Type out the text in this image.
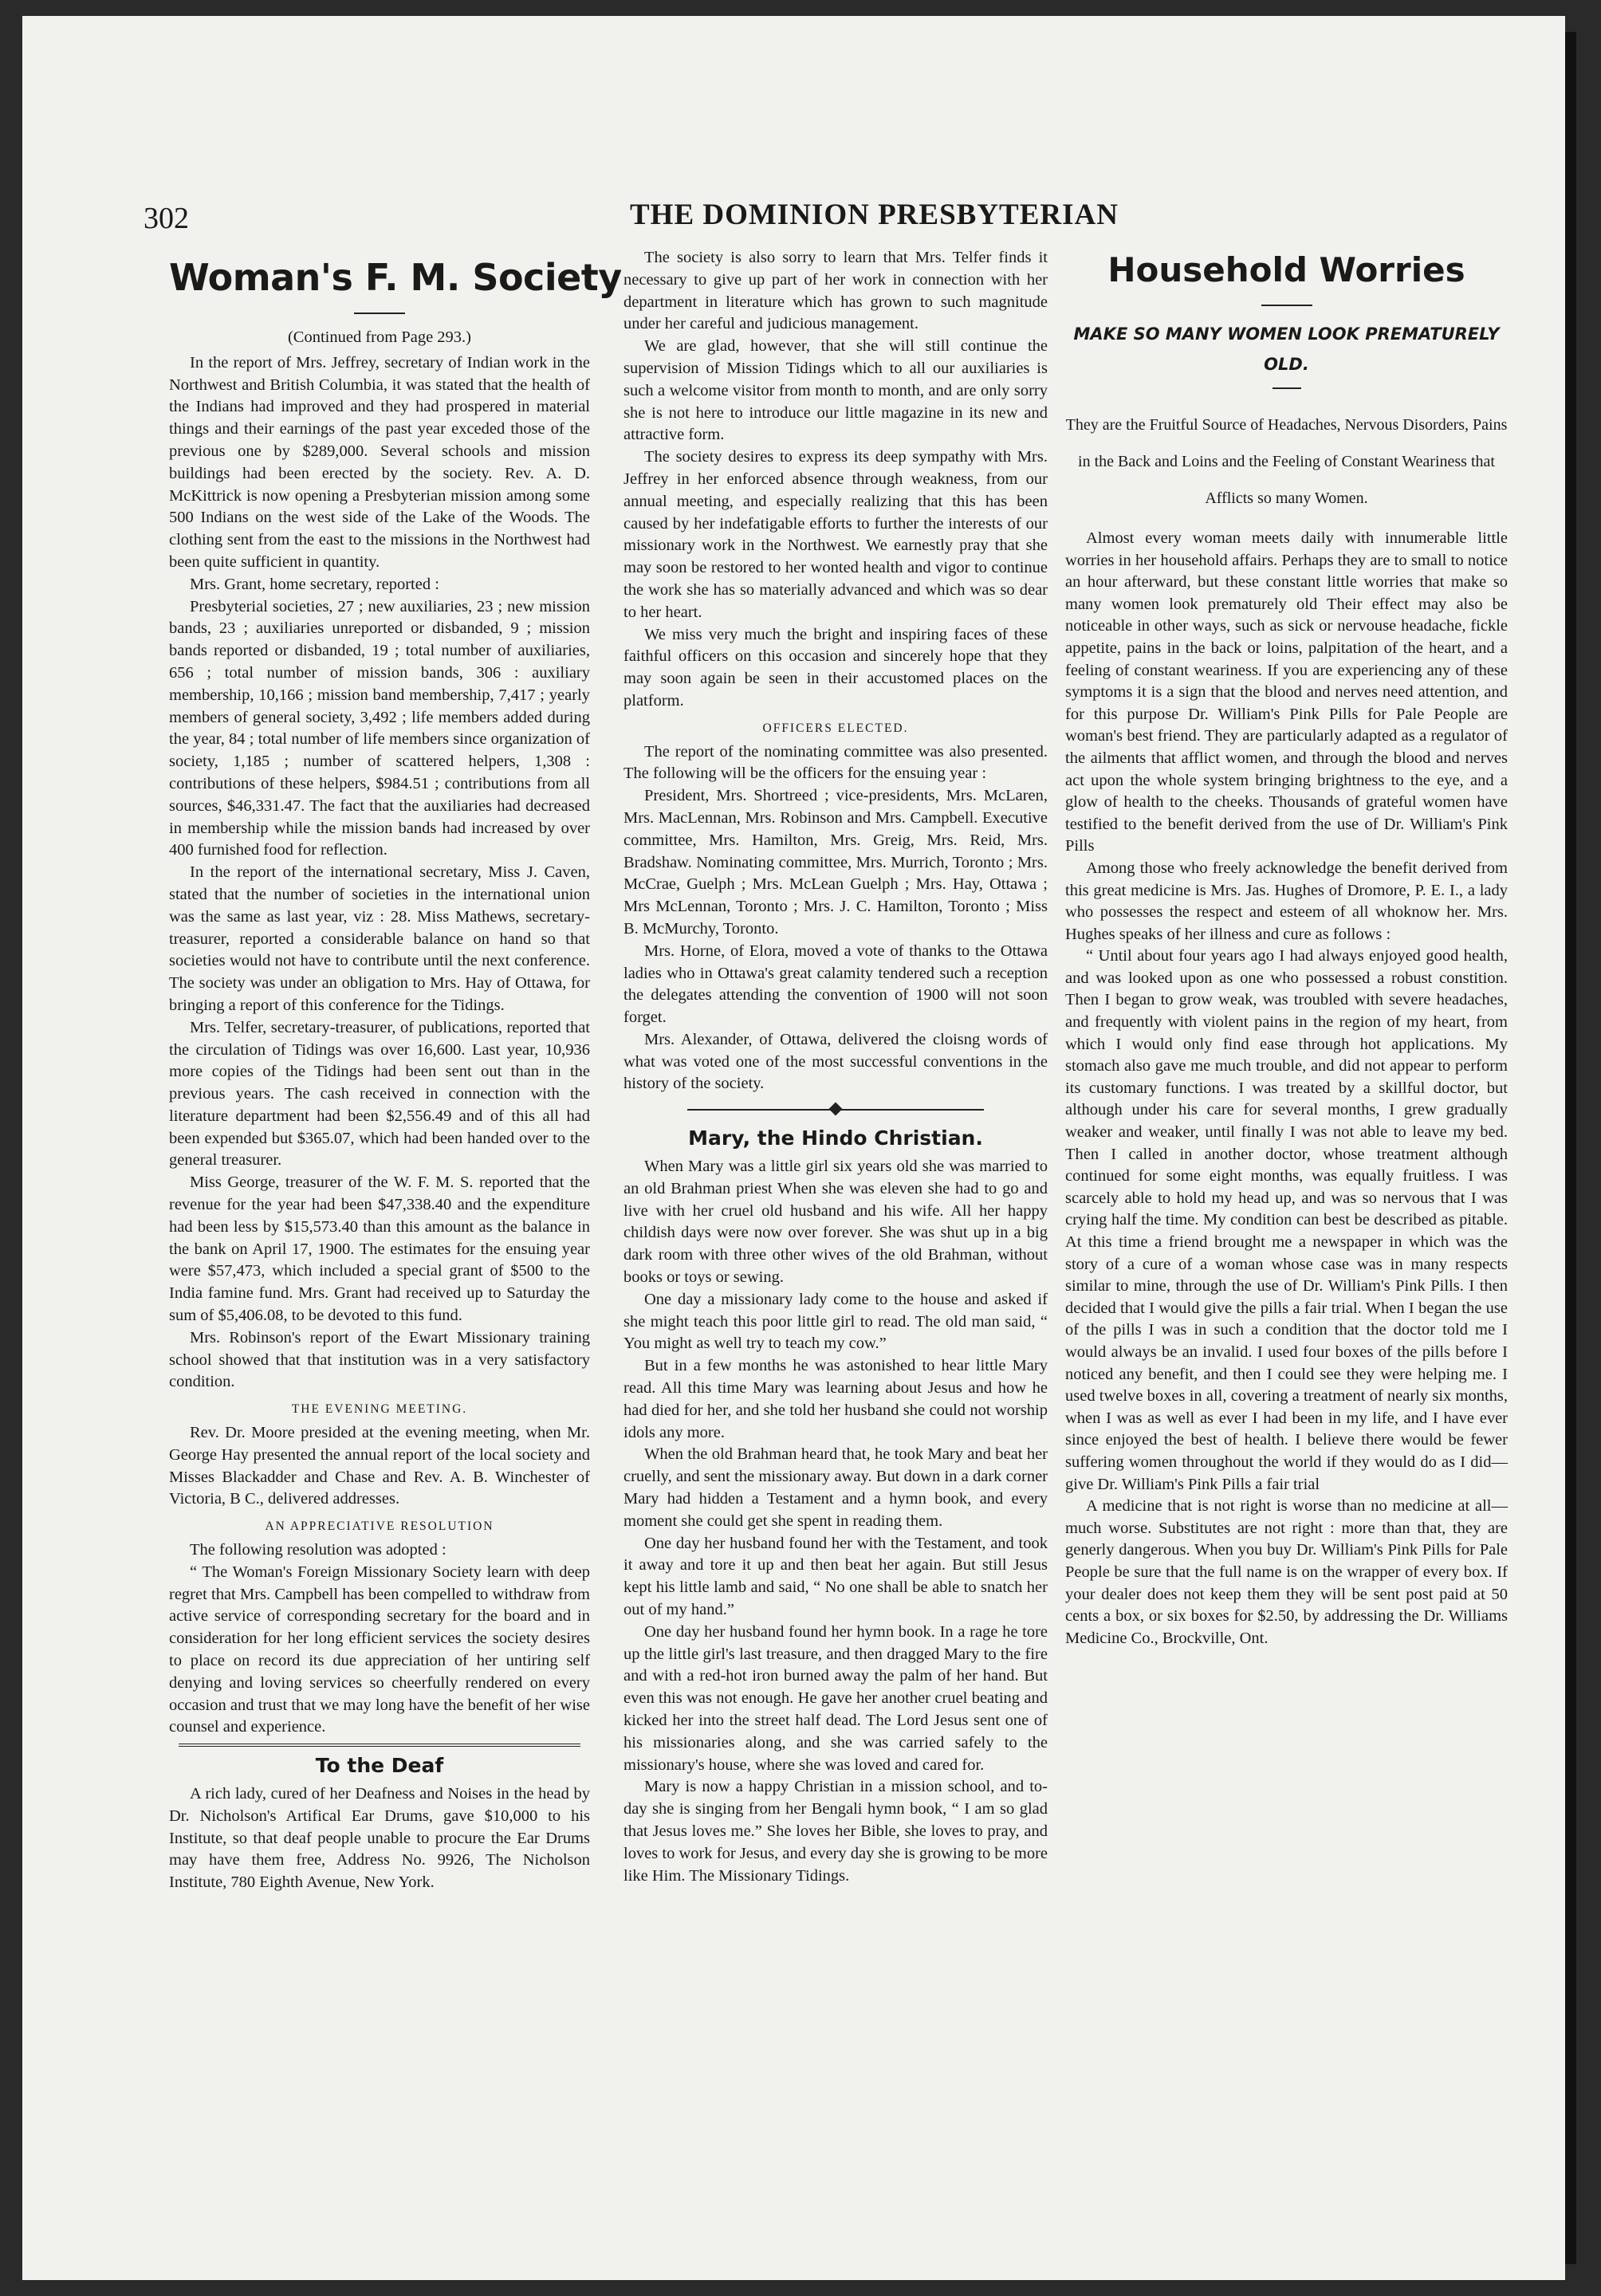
302	THE DOMINION PRESBYTERIAN
Woman's F. M. Society
(Continued from Page 293.)

In the report of Mrs. Jeffrey, secretary of Indian work in the Northwest and British Columbia, it was stated that the health of the Indians had improved and they had prospered in material things and their earnings of the past year exceded those of the previous one by $289,000. Several schools and mission buildings had been erected by the society. Rev. A. D. McKittrick is now opening a Presbyterian mission among some 500 Indians on the west side of the Lake of the Woods. The clothing sent from the east to the missions in the Northwest had been quite sufficient in quantity.

Mrs. Grant, home secretary, reported :

Presbyterial societies, 27 ; new auxiliaries, 23 ; new mission bands, 23 ; auxiliaries unreported or disbanded, 9 ; mission bands reported or disbanded, 19 ; total number of auxiliaries, 656 ; total number of mission bands, 306 : auxiliary membership, 10,166 ; mission band membership, 7,417 ; yearly members of general society, 3,492 ; life members added during the year, 84 ; total number of life members since organization of society, 1,185 ; number of scattered helpers, 1,308 : contributions of these helpers, $984.51 ; contributions from all sources, $46,331.47. The fact that the auxiliaries had decreased in membership while the mission bands had increased by over 400 furnished food for reflection.

In the report of the international secretary, Miss J. Caven, stated that the number of societies in the international union was the same as last year, viz : 28. Miss Mathews, secretary-treasurer, reported a considerable balance on hand so that societies would not have to contribute until the next conference. The society was under an obligation to Mrs. Hay of Ottawa, for bringing a report of this conference for the Tidings.

Mrs. Telfer, secretary-treasurer, of publications, reported that the circulation of Tidings was over 16,600. Last year, 10,936 more copies of the Tidings had been sent out than in the previous years. The cash received in connection with the literature department had been $2,556.49 and of this all had been expended but $365.07, which had been handed over to the general treasurer.

Miss George, treasurer of the W. F. M. S. reported that the revenue for the year had been $47,338.40 and the expenditure had been less by $15,573.40 than this amount as the balance in the bank on April 17, 1900. The estimates for the ensuing year were $57,473, which included a special grant of $500 to the India famine fund. Mrs. Grant had received up to Saturday the sum of $5,406.08, to be devoted to this fund.

Mrs. Robinson's report of the Ewart Missionary training school showed that that institution was in a very satisfactory condition.

THE EVENING MEETING.

Rev. Dr. Moore presided at the evening meeting, when Mr. George Hay presented the annual report of the local society and Misses Blackadder and Chase and Rev. A. B. Winchester of Victoria, B C., delivered addresses.

AN APPRECIATIVE RESOLUTION

The following resolution was adopted :

“ The Woman's Foreign Missionary Society learn with deep regret that Mrs. Campbell has been compelled to withdraw from active service of corresponding secretary for the board and in consideration for her long efficient services the society desires to place on record its due appreciation of her untiring self denying and loving services so cheerfully rendered on every occasion and trust that we may long have the benefit of her wise counsel and experience.

To the Deaf

A rich lady, cured of her Deafness and Noises in the head by Dr. Nicholson's Artifical Ear Drums, gave $10,000 to his Institute, so that deaf people unable to procure the Ear Drums may have them free, Address No. 9926, The Nicholson Institute, 780 Eighth Avenue, New York.

The society is also sorry to learn that Mrs. Telfer finds it necessary to give up part of her work in connection with her department in literature which has grown to such magnitude under her careful and judicious management.

We are glad, however, that she will still continue the supervision of Mission Tidings which to all our auxiliaries is such a welcome visitor from month to month, and are only sorry she is not here to introduce our little magazine in its new and attractive form.

The society desires to express its deep sympathy with Mrs. Jeffrey in her enforced absence through weakness, from our annual meeting, and especially realizing that this has been caused by her indefatigable efforts to further the interests of our missionary work in the Northwest. We earnestly pray that she may soon be restored to her wonted health and vigor to continue the work she has so materially advanced and which was so dear to her heart.

We miss very much the bright and inspiring faces of these faithful officers on this occasion and sincerely hope that they may soon again be seen in their accustomed places on the platform.

OFFICERS ELECTED.

The report of the nominating committee was also presented. The following will be the officers for the ensuing year :

President, Mrs. Shortreed ; vice-presidents, Mrs. McLaren, Mrs. MacLennan, Mrs. Robinson and Mrs. Campbell. Executive committee, Mrs. Hamilton, Mrs. Greig, Mrs. Reid, Mrs. Bradshaw. Nominating committee, Mrs. Murrich, Toronto ; Mrs. McCrae, Guelph ; Mrs. McLean Guelph ; Mrs. Hay, Ottawa ; Mrs McLennan, Toronto ; Mrs. J. C. Hamilton, Toronto ; Miss B. McMurchy, Toronto.

Mrs. Horne, of Elora, moved a vote of thanks to the Ottawa ladies who in Ottawa's great calamity tendered such a reception the delegates attending the convention of 1900 will not soon forget.

Mrs. Alexander, of Ottawa, delivered the cloisng words of what was voted one of the most successful conventions in the history of the society.

Mary, the Hindo Christian.

When Mary was a little girl six years old she was married to an old Brahman priest When she was eleven she had to go and live with her cruel old husband and his wife. All her happy childish days were now over forever. She was shut up in a big dark room with three other wives of the old Brahman, without books or toys or sewing.

One day a missionary lady come to the house and asked if she might teach this poor little girl to read. The old man said, “ You might as well try to teach my cow.”

But in a few months he was astonished to hear little Mary read. All this time Mary was learning about Jesus and how he had died for her, and she told her husband she could not worship idols any more.

When the old Brahman heard that, he took Mary and beat her cruelly, and sent the missionary away. But down in a dark corner Mary had hidden a Testament and a hymn book, and every moment she could get she spent in reading them.

One day her husband found her with the Testament, and took it away and tore it up and then beat her again. But still Jesus kept his little lamb and said, “ No one shall be able to snatch her out of my hand.”

One day her husband found her hymn book. In a rage he tore up the little girl's last treasure, and then dragged Mary to the fire and with a red-hot iron burned away the palm of her hand. But even this was not enough. He gave her another cruel beating and kicked her into the street half dead. The Lord Jesus sent one of his missionaries along, and she was carried safely to the missionary's house, where she was loved and cared for.

Mary is now a happy Christian in a mission school, and to-day she is singing from her Bengali hymn book, “ I am so glad that Jesus loves me.” She loves her Bible, she loves to pray, and loves to work for Jesus, and every day she is growing to be more like Him. The Missionary Tidings.

Household Worries
MAKE SO MANY WOMEN LOOK PREMATURELY OLD.
They are the Fruitful Source of Headaches, Nervous Disorders, Pains in the Back and Loins and the Feeling of Constant Weariness that Afflicts so many Women.

Almost every woman meets daily with innumerable little worries in her household affairs. Perhaps they are to small to notice an hour afterward, but these constant little worries that make so many women look prematurely old Their effect may also be noticeable in other ways, such as sick or nervouse headache, fickle appetite, pains in the back or loins, palpitation of the heart, and a feeling of constant weariness. If you are experiencing any of these symptoms it is a sign that the blood and nerves need attention, and for this purpose Dr. William's Pink Pills for Pale People are woman's best friend. They are particularly adapted as a regulator of the ailments that afflict women, and through the blood and nerves act upon the whole system bringing brightness to the eye, and a glow of health to the cheeks. Thousands of grateful women have testified to the benefit derived from the use of Dr. William's Pink Pills

Among those who freely acknowledge the benefit derived from this great medicine is Mrs. Jas. Hughes of Dromore, P. E. I., a lady who possesses the respect and esteem of all whoknow her. Mrs. Hughes speaks of her illness and cure as follows :

“ Until about four years ago I had always enjoyed good health, and was looked upon as one who possessed a robust constition. Then I began to grow weak, was troubled with severe headaches, and frequently with violent pains in the region of my heart, from which I would only find ease through hot applications. My stomach also gave me much trouble, and did not appear to perform its customary functions. I was treated by a skillful doctor, but although under his care for several months, I grew gradually weaker and weaker, until finally I was not able to leave my bed. Then I called in another doctor, whose treatment although continued for some eight months, was equally fruitless. I was scarcely able to hold my head up, and was so nervous that I was crying half the time. My condition can best be described as pitable. At this time a friend brought me a newspaper in which was the story of a cure of a woman whose case was in many respects similar to mine, through the use of Dr. William's Pink Pills. I then decided that I would give the pills a fair trial. When I began the use of the pills I was in such a condition that the doctor told me I would always be an invalid. I used four boxes of the pills before I noticed any benefit, and then I could see they were helping me. I used twelve boxes in all, covering a treatment of nearly six months, when I was as well as ever I had been in my life, and I have ever since enjoyed the best of health. I believe there would be fewer suffering women throughout the world if they would do as I did—give Dr. William's Pink Pills a fair trial

A medicine that is not right is worse than no medicine at all—much worse. Substitutes are not right : more than that, they are generly dangerous. When you buy Dr. William's Pink Pills for Pale People be sure that the full name is on the wrapper of every box. If your dealer does not keep them they will be sent post paid at 50 cents a box, or six boxes for $2.50, by addressing the Dr. Williams Medicine Co., Brockville, Ont.
